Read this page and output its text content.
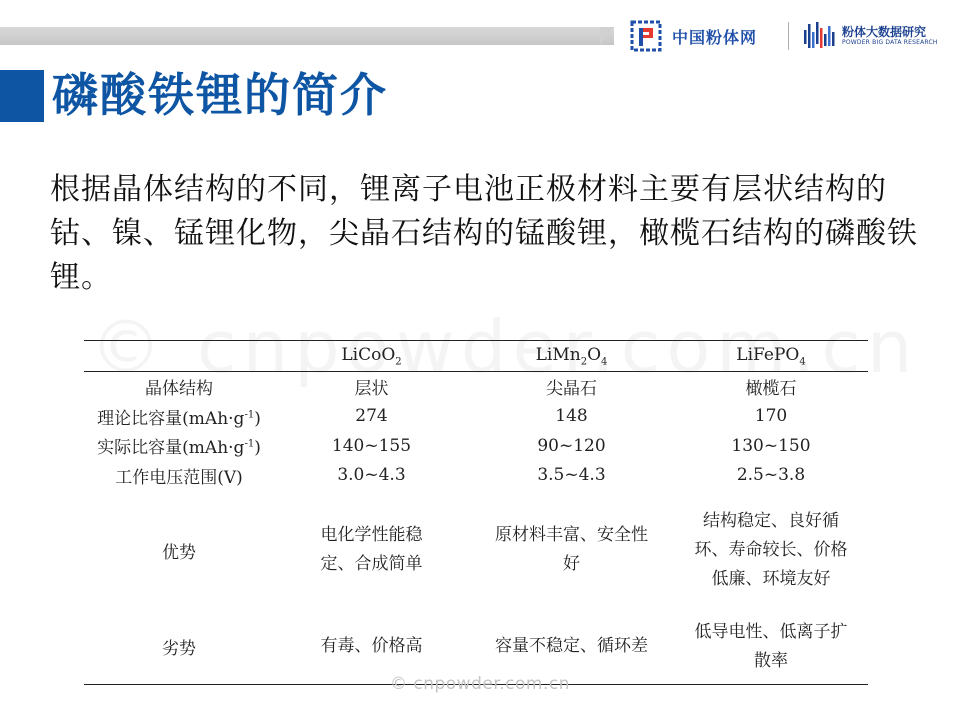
中国粉体网	粉体大数据研究
POWDER BIG DATA RESEARCH
磷酸铁锂的简介
根据晶体结构的不同，锂离子电池正极材料主要有层状结构的钴、镍、锰锂化物，尖晶石结构的锰酸锂，橄榄石结构的磷酸铁锂。
	LiCoO$_2$	$LiMn_2O_4$	LiFePO$_4$
晶体结构	层状	尖晶石	橄榄石
理论比容量$(mAh\cdot g^{-1})$	274	148	170
实际比容量$(mAh\cdot g^{-1})$	140~155	90~120	130~150
工作电压范围(V)	3.0~4.3	3.5~4.3	2.5~3.8
优势	电化学性能稳定、合成简单	原材料丰富、安全性好	结构稳定、良好循环、寿命较长、价格低廉、环境友好

劣势	有毒、价格高	容量不稳定、循环差	低导电性、低离子扩散率
© cnpowder.com.cn
